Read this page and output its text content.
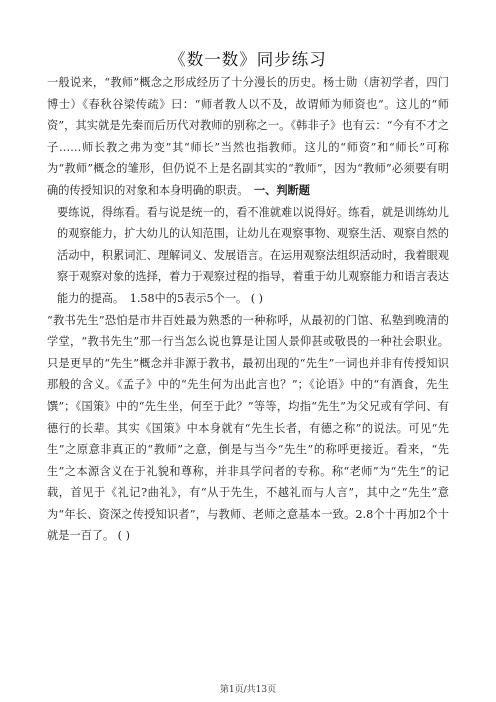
《数一数》同步练习

一般说来，“教师”概念之形成经历了十分漫长的历史。杨士勋（唐初学者，四门博士）《春秋谷梁传疏》曰：“师者教人以不及，故谓师为师资也”。这儿的“师资”，其实就是先秦而后历代对教师的别称之一。《韩非子》也有云：“今有不才之子……师长教之弗为变”其“师长”当然也指教师。这儿的“师资”和“师长”可称为“教师”概念的雏形，但仍说不上是名副其实的“教师”，因为“教师”必须要有明确的传授知识的对象和本身明确的职责。　 一、判断题

要练说，得练看。看与说是统一的，看不准就难以说得好。练看，就是训练幼儿的观察能力，扩大幼儿的认知范围，让幼儿在观察事物、观察生活、观察自然的活动中，积累词汇、理解词义、发展语言。在运用观察法组织活动时，我着眼观察于观察对象的选择，着力于观察过程的指导，着重于幼儿观察能力和语言表达能力的提高。　 1.58中的5表示5个一。 ( )

“教书先生”恐怕是市井百姓最为熟悉的一种称呼，从最初的门馆、私塾到晚清的学堂，“教书先生”那一行当怎么说也算是让国人景仰甚或敬畏的一种社会职业。只是更早的“先生”概念并非源于教书，最初出现的“先生”一词也并非有传授知识那般的含义。《孟子》中的“先生何为出此言也？”；《论语》中的“有酒食，先生馔”；《国策》中的“先生坐，何至于此？”等等，均指“先生”为父兄或有学问、有德行的长辈。其实《国策》中本身就有“先生长者，有德之称”的说法。可见“先生”之原意非真正的“教师”之意，倒是与当今“先生”的称呼更接近。看来，“先生”之本源含义在于礼貌和尊称，并非具学问者的专称。称“老师”为“先生”的记载，首见于《礼记?曲礼》，有“从于先生，不越礼而与人言”，其中之“先生”意为“年长、资深之传授知识者”，与教师、老师之意基本一致。2.8个十再加2个十就是一百了。 ( )

第1页/共13页
